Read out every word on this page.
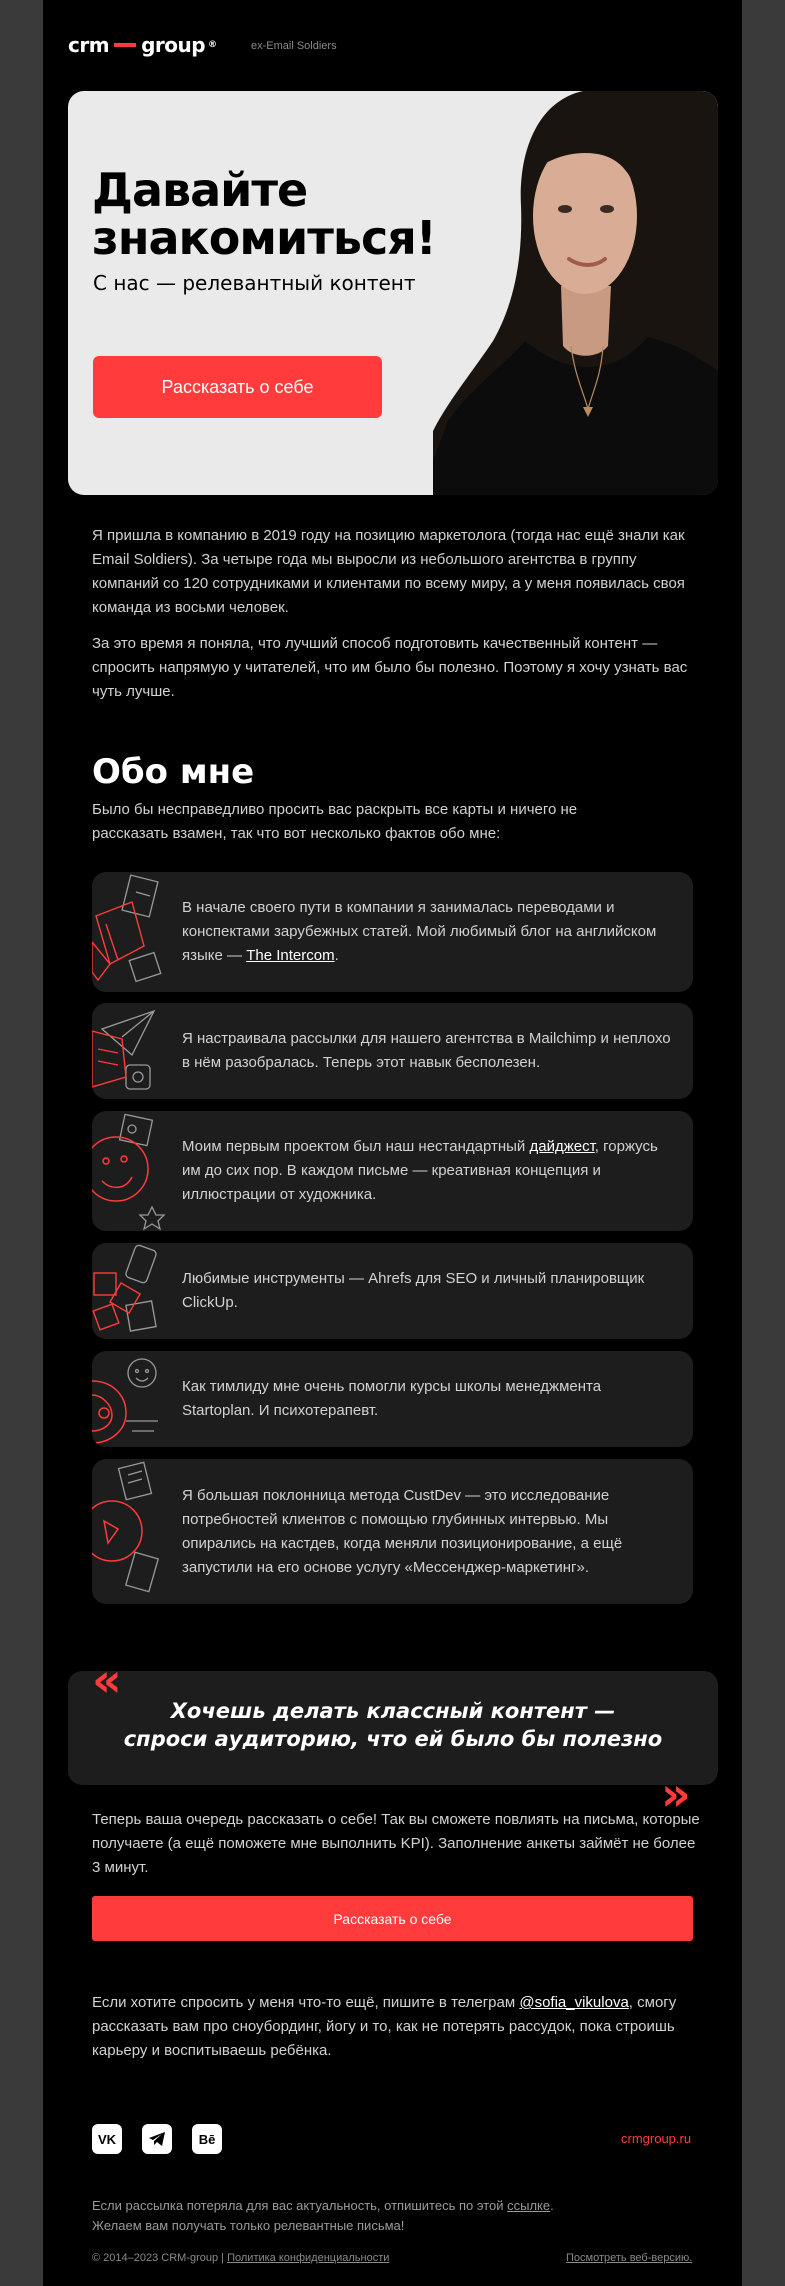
crm group ®	ex-Email Soldiers
Давайте
знакомиться!
С нас — релевантный контент
Рассказать о себе
Я пришла в компанию в 2019 году на позицию маркетолога (тогда нас ещё знали как Email Soldiers). За четыре года мы выросли из небольшого агентства в группу компаний со 120 сотрудниками и клиентами по всему миру, а у меня появилась своя команда из восьми человек.
За это время я поняла, что лучший способ подготовить качественный контент — спросить напрямую у читателей, что им было бы полезно. Поэтому я хочу узнать вас чуть лучше.
Обо мне
Было бы несправедливо просить вас раскрыть все карты и ничего не рассказать взамен, так что вот несколько фактов обо мне:
В начале своего пути в компании я занималась переводами и конспектами зарубежных статей. Мой любимый блог на английском языке — The Intercom.
Я настраивала рассылки для нашего агентства в Mailchimp и неплохо в нём разобралась. Теперь этот навык бесполезен.
Моим первым проектом был наш нестандартный дайджест, горжусь им до сих пор. В каждом письме — креативная концепция и иллюстрации от художника.
Любимые инструменты — Ahrefs для SEO и личный планировщик ClickUp.
Как тимлиду мне очень помогли курсы школы менеджмента Startoplan. И психотерапевт.
Я большая поклонница метода CustDev — это исследование потребностей клиентов с помощью глубинных интервью. Мы опирались на кастдев, когда меняли позиционирование, а ещё запустили на его основе услугу «Мессенджер-маркетинг».
Хочешь делать классный контент —
спроси аудиторию, что ей было бы полезно
«
»
Теперь ваша очередь рассказать о себе! Так вы сможете повлиять на письма, которые получаете (а ещё поможете мне выполнить KPI). Заполнение анкеты займёт не более 3 минут.
Рассказать о себе
Если хотите спросить у меня что-то ещё, пишите в телеграм @sofia_vikulova, смогу рассказать вам про сноубординг, йогу и то, как не потерять рассудок, пока строишь карьеру и воспитываешь ребёнка.
VK	Bē	crmgroup.ru
Если рассылка потеряла для вас актуальность, отпишитесь по этой ссылке.
Желаем вам получать только релевантные письма!
© 2014–2023 CRM-group | Политика конфиденциальности	Посмотреть веб-версию.
